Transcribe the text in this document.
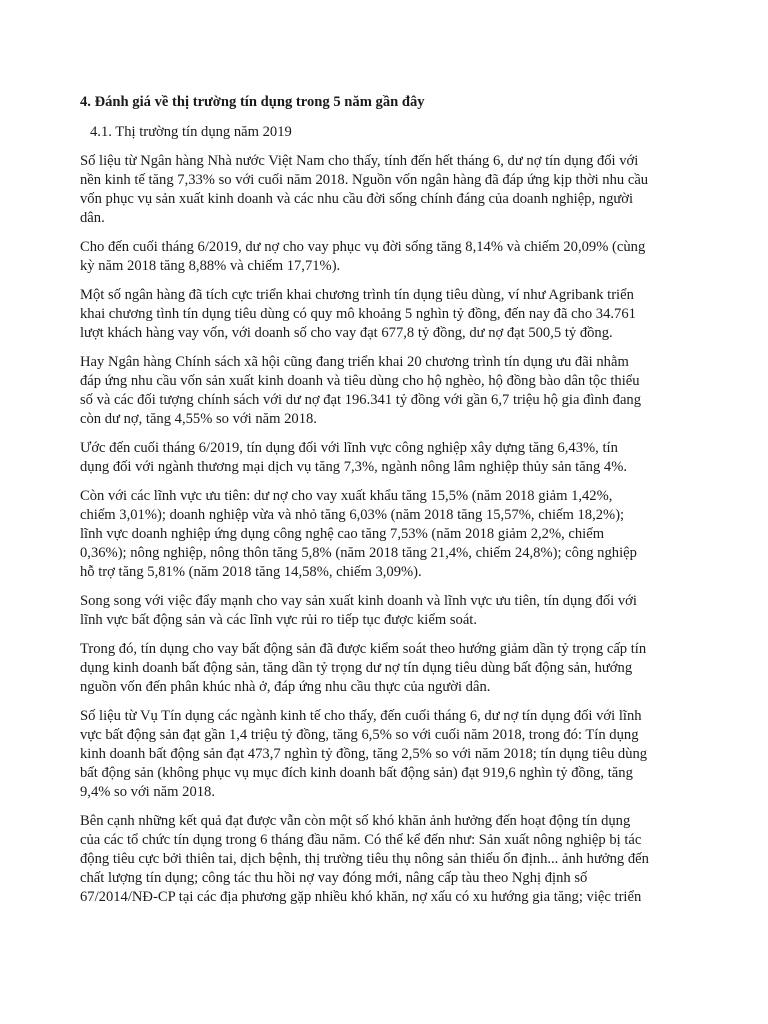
4. Đánh giá về thị trường tín dụng trong 5 năm gần đây
4.1. Thị trường tín dụng năm 2019
Số liệu từ Ngân hàng Nhà nước Việt Nam cho thấy, tính đến hết tháng 6, dư nợ tín dụng đối với
nền kinh tế tăng 7,33% so với cuối năm 2018. Nguồn vốn ngân hàng đã đáp ứng kịp thời nhu cầu
vốn phục vụ sản xuất kinh doanh và các nhu cầu đời sống chính đáng của doanh nghiệp, người
dân.
Cho đến cuối tháng 6/2019, dư nợ cho vay phục vụ đời sống tăng 8,14% và chiếm 20,09% (cùng
kỳ năm 2018 tăng 8,88% và chiếm 17,71%).
Một số ngân hàng đã tích cực triển khai chương trình tín dụng tiêu dùng, ví như Agribank triển
khai chương tình tín dụng tiêu dùng có quy mô khoảng 5 nghìn tỷ đồng, đến nay đã cho 34.761
lượt khách hàng vay vốn, với doanh số cho vay đạt 677,8 tỷ đồng, dư nợ đạt 500,5 tỷ đồng.
Hay Ngân hàng Chính sách xã hội cũng đang triển khai 20 chương trình tín dụng ưu đãi nhằm
đáp ứng nhu cầu vốn sản xuất kinh doanh và tiêu dùng cho hộ nghèo, hộ đồng bào dân tộc thiểu
số và các đối tượng chính sách với dư nợ đạt 196.341 tỷ đồng với gần 6,7 triệu hộ gia đình đang
còn dư nợ, tăng 4,55% so với năm 2018.
Ước đến cuối tháng 6/2019, tín dụng đối với lĩnh vực công nghiệp xây dựng tăng 6,43%, tín
dụng đối với ngành thương mại dịch vụ tăng 7,3%, ngành nông lâm nghiệp thủy sản tăng 4%.
Còn với các lĩnh vực ưu tiên: dư nợ cho vay xuất khẩu tăng 15,5% (năm 2018 giảm 1,42%,
chiếm 3,01%); doanh nghiệp vừa và nhỏ tăng 6,03% (năm 2018 tăng 15,57%, chiếm 18,2%);
lĩnh vực doanh nghiệp ứng dụng công nghệ cao tăng 7,53% (năm 2018 giảm 2,2%, chiếm
0,36%); nông nghiệp, nông thôn tăng 5,8% (năm 2018 tăng 21,4%, chiếm 24,8%); công nghiệp
hỗ trợ tăng 5,81% (năm 2018 tăng 14,58%, chiếm 3,09%).
Song song với việc đẩy mạnh cho vay sản xuất kinh doanh và lĩnh vực ưu tiên, tín dụng đối với
lĩnh vực bất động sản và các lĩnh vực rủi ro tiếp tục được kiểm soát.
Trong đó, tín dụng cho vay bất động sản đã được kiểm soát theo hướng giảm dần tỷ trọng cấp tín
dụng kinh doanh bất động sản, tăng dần tỷ trọng dư nợ tín dụng tiêu dùng bất động sản, hướng
nguồn vốn đến phân khúc nhà ở, đáp ứng nhu cầu thực của người dân.
Số liệu từ Vụ Tín dụng các ngành kinh tế cho thấy, đến cuối tháng 6, dư nợ tín dụng đối với lĩnh
vực bất động sản đạt gần 1,4 triệu tỷ đồng, tăng 6,5% so với cuối năm 2018, trong đó: Tín dụng
kinh doanh bất động sản đạt 473,7 nghìn tỷ đồng, tăng 2,5% so với năm 2018; tín dụng tiêu dùng
bất động sản (không phục vụ mục đích kinh doanh bất động sản) đạt 919,6 nghìn tỷ đồng, tăng
9,4% so với năm 2018.
Bên cạnh những kết quả đạt được vẫn còn một số khó khăn ảnh hưởng đến hoạt động tín dụng
của các tổ chức tín dụng trong 6 tháng đầu năm. Có thể kể đến như: Sản xuất nông nghiệp bị tác
động tiêu cực bởi thiên tai, dịch bệnh, thị trường tiêu thụ nông sản thiếu ổn định... ảnh hưởng đến
chất lượng tín dụng; công tác thu hồi nợ vay đóng mới, nâng cấp tàu theo Nghị định số
67/2014/NĐ-CP tại các địa phương gặp nhiều khó khăn, nợ xấu có xu hướng gia tăng; việc triển
